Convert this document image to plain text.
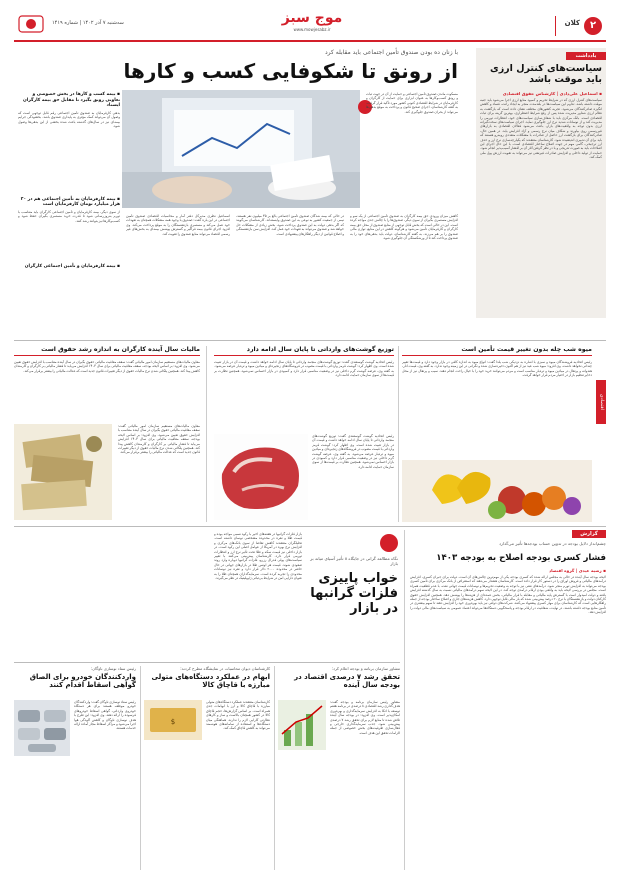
۲
کلان
موج سبز
www.mowjesabz.ir
سه‌شنبه ۷ آذر ۱۴۰۲ | شماره ۱۴۱۹
یادداشت
سیاست‌های کنترل ارزی باید موقت باشد
▪ اسماعیل علی‌دادی | کارشناس حقوق اقتصادی
سیاست‌های کنترل ارزی که در شرایط تحریم و کمبود منابع ارزی اجرا می‌شود باید جنبه موقت داشته باشد. تداوم این سیاست‌ها در بلندمدت منجر به ایجاد رانت، فساد و کاهش انگیزه صادرکنندگان می‌شود. تجربه کشورهای مختلف نشان داده است که بازگشت به نظام ارزی شناور مدیریت شده پس از رفع شرایط اضطراری، بهترین گزینه برای ثبات اقتصادی است. بانک مرکزی باید با شفاف‌سازی سیاست‌های خود، انتظارات تورمی را مدیریت کند و از نوسانات شدید نرخ ارز جلوگیری نماید. اجرای سیاست‌های سخت‌گیرانه ارزی بدون توجه به واقعیت‌های بازار، باعث می‌شود فعالان اقتصادی به بازارهای غیررسمی روی بیاورند و شکاف میان نرخ رسمی و آزاد افزایش یابد. در همین حال، صادرکنندگان برای بازگشت ارز حاصل از صادرات با مشکلات متعددی روبه‌رو هستند که باید برای آن تدبیری اندیشیده شود. کارشناسان معتقدند که یکپارچه‌سازی نرخ ارز و حذف ارز ترجیحی، گامی مهم در جهت اصلاح ساختار اقتصادی است. با این حال اجرای این اصلاحات باید به صورت تدریجی و با در نظر گرفتن آثار آن بر اقشار آسیب‌پذیر انجام شود. حمایت از تولید داخلی و افزایش صادرات غیرنفتی نیز می‌تواند به تقویت ارزش پول ملی کمک کند.
با زنان ده بودن صندوق تأمین اجتماعی باید مقابله کرد
از رونق تا شکوفایی کسب و کارها
مسکوت ماندن صندوق تأمین اجتماعی و حمایت از آن در جهت ثبات و رونق کسب‌وکارها به عنوان ابزاری برای حمایت از کارگران و کارفرمایان در شرایط اقتصادی کنونی کشور مورد تأکید قرار گرفت. به گفته کارشناسان، اجرای صحیح قانون و پرداخت به موقع بدهی‌ها می‌تواند از بحران صندوق جلوگیری کند.
کاهش میزان ورودی حق بیمه کارگران به صندوق تأمین اجتماعی از یک سو و افزایش مستمری بگیران از سوی دیگر، صندوق‌ها را با چالش جدی مواجه کرده است. این در حالی است که بخش قابل توجهی از منابع صندوق از محل حق بیمه کارگران و کارفرمایان تأمین می‌شود و هرگونه کاهش در این منابع، توازن مالی صندوق را بر هم می‌زند. به گفته کارشناسان، دولت باید بدهی‌های خود را به صندوق پرداخت کند تا از ورشکستگی آن جلوگیری شود.
در حالی که بیمه شدگان صندوق تأمین اجتماعی بالغ بر ۴۵ میلیون نفر هستند، نیمی از جمعیت کشور به نوعی به این صندوق وابسته‌اند. کارشناسان می‌گویند که اگر بدهی دولت به این صندوق پرداخت شود، بخش زیادی از مشکلات حل خواهد شد و صندوق می‌تواند به تعهدات خود عمل کند. افزایش سن بازنشستگی و اصلاح قوانین از دیگر راهکارهای پیشنهادی است.
اسماعیل نظری مدیرکل دفتر آمار و محاسبات اقتصادی صندوق تأمین اجتماعی در این باره گفت: صندوق با وجود همه مشکلات همچنان به تعهدات خود عمل می‌کند و مستمری بازنشستگان را به موقع پرداخت می‌کند. وی افزود اجرای قانون بیمه فراگیر و گسترش پوشش بیمه‌ای به بخش‌های غیر رسمی اقتصاد می‌تواند منابع صندوق را تقویت کند.
▪ بیمه کسب و کارها در بخش خصوصی و تعاونی رونق بگیرد تا مقابل حق بیمه کارگران ایستاد
بدهی کارفرمایان به صندوق تأمین اجتماعی رقم قابل توجهی است که وصول آن می‌تواند کمک مؤثری به پایداری صندوق باشد. بخشودگی جرایم بیمه‌ای نیز در سال‌های گذشته باعث شده بخشی از این بدهی‌ها وصول شود.
▪ بیمه کارفرمایان به تأمین اجتماعی هم در ۲۰ هزار میلیارد تومان کارفرمایان است
از سوی دیگر، بیمه کارفرمایان و تأمین اجتماعی کارگران باید متناسب با تورم به‌روزرسانی شود تا قدرت خرید مستمری بگیران حفظ شود و کسب‌وکارها نیز بتوانند رشد کنند.
▪ بیمه کارفرمایان و تأمین اجتماعی کارگران
میوه شب چله بدون تغییر قیمت تأمین است
رئیس اتحادیه فروشندگان میوه و سبزی با اشاره به نزدیکی شب یلدا گفت: انواع میوه به اندازه کافی در بازار وجود دارد و قیمت‌ها تغییر چندانی نخواهد داشت. وی افزود: میوه شب عید نیز از هم اکنون ذخیره‌سازی شده و نگرانی در این زمینه وجود ندارد. به گفته وی، قیمت انار، هندوانه و پرتقال در میادین میوه و تره‌بار مناسب است و مردم می‌توانند خرید خود را با خیال راحت انجام دهند. سیب و پرتقال نیز از محل ذخایر تنظیم بازار در اختیار مردم قرار خواهد گرفت.
اقتصادی
توزیع گوشت‌های وارداتی تا پایان سال ادامه دارد
رئیس اتحادیه گوشت گوسفندی گفت: توزیع گوشت‌های منجمد وارداتی تا پایان سال ادامه خواهد داشت و قیمت آن در بازار تثبیت شده است. وی اظهار کرد: گوشت قرمز وارداتی با قیمت مصوب در فروشگاه‌های زنجیره‌ای و میادین میوه و تره‌بار عرضه می‌شود. به گفته وی، عرضه گوشت گرم داخلی نیز در وضعیت مناسبی قرار دارد و کمبودی در بازار احساس نمی‌شود. همچنین نظارت بر قیمت‌ها از سوی سازمان حمایت ادامه دارد.
رئیس اتحادیه گوشت گوسفندی گفت: توزیع گوشت‌های منجمد وارداتی تا پایان سال ادامه خواهد داشت و قیمت آن در بازار تثبیت شده است. وی اظهار کرد: گوشت قرمز وارداتی با قیمت مصوب در فروشگاه‌های زنجیره‌ای و میادین میوه و تره‌بار عرضه می‌شود. به گفته وی، عرضه گوشت گرم داخلی نیز در وضعیت مناسبی قرار دارد و کمبودی در بازار احساس نمی‌شود. همچنین نظارت بر قیمت‌ها از سوی سازمان حمایت ادامه دارد.
مالیات سال آینده کارگران به اندازه رشد حقوق است
معاون مالیات‌های مستقیم سازمان امور مالیاتی گفت: سقف معافیت مالیاتی حقوق بگیران در سال آینده متناسب با افزایش حقوق تعیین می‌شود. وی افزود: بر اساس لایحه بودجه، سقف معافیت مالیاتی برای سال ۱۴۰۳ افزایش می‌یابد تا فشار مالیاتی بر کارگران و کارمندان کاهش پیدا کند. همچنین پلکانی شدن نرخ مالیات حقوق از دیگر تغییرات قانون جدید است که عدالت مالیاتی را بیشتر برقرار می‌کند.
معاون مالیات‌های مستقیم سازمان امور مالیاتی گفت: سقف معافیت مالیاتی حقوق بگیران در سال آینده متناسب با افزایش حقوق تعیین می‌شود. وی افزود: بر اساس لایحه بودجه، سقف معافیت مالیاتی برای سال ۱۴۰۳ افزایش می‌یابد تا فشار مالیاتی بر کارگران و کارمندان کاهش پیدا کند. همچنین پلکانی شدن نرخ مالیات حقوق از دیگر تغییرات قانون جدید است که عدالت مالیاتی را بیشتر برقرار می‌کند.
گزارش
چشم‌انداز دلایل بودجه در تدوین حساب بودجه‌ها تأثیر می‌گذارد
فشار کسری بودجه اصلاح به بودجه ۱۴۰۳
▪ رضیه عیدی | گروه اقتصاد
لایحه بودجه سال آینده در حالی به مجلس ارائه شده که کسری بودجه یکی از مهم‌ترین چالش‌های آن است. دولت برای جبران کسری، افزایش درآمدهای مالیاتی و فروش اوراق را در دستور کار قرار داده است. کارشناسان هشدار می‌دهند که استقراض از بانک مرکزی برای تأمین کسری بودجه می‌تواند به افزایش تورم منجر شود. درآمدهای نفتی نیز با توجه به وضعیت تحریم‌ها و نوسانات قیمت جهانی نفت، با عدم قطعیت همراه است. مجلس در بررسی لایحه باید به واقعی بودن ارقام درآمدی توجه کند. در این لایحه سهم درآمدهای مالیاتی نسبت به سال گذشته افزایش یافته و دولت امیدوار است با گسترش پایه مالیاتی و مقابله با فرار مالیاتی، بخش عمده‌ای از هزینه‌ها را پوشش دهد. همچنین افزایش حقوق کارکنان دولت و بازنشستگان با نرخ ۲۰ درصد پیش‌بینی شده که بار مالی قابل توجهی دارد. کاهش هزینه‌های جاری و اصلاح ساختار بودجه از جمله راهکارهایی است که کارشناسان برای مهار کسری پیشنهاد می‌کنند. شرکت‌های دولتی نیز باید بهره‌وری خود را افزایش دهند تا سهم بیشتری در تأمین منابع بودجه داشته باشند. در نهایت، شفافیت در ارقام بودجه و پاسخگویی دستگاه‌ها می‌تواند اعتماد عمومی به سیاست‌های مالی دولت را افزایش دهد.
نگاه مطالعه گرانی در جایگاه ۸ تأثیر آسیای میانه بر بازار
خواب پاییزی فلزات گرانبها در بازار
بازار فلزات گرانبها در هفته‌های اخیر با رکود نسبی مواجه بوده و قیمت طلا و نقره در محدوده مشخصی نوسان داشته است. تحلیلگران معتقدند کاهش تقاضا از سوی بانک‌های مرکزی و افزایش نرخ بهره در آمریکا از عوامل اصلی این رکود است. در بازار داخلی نیز قیمت سکه و طلا تحت تأثیر نرخ ارز و انتظارات تورمی قرار دارد. کارشناسان پیش‌بینی می‌کنند با تغییر سیاست‌های پولی فدرال رزرو، فلزات گرانبها دوباره وارد روند صعودی شوند. قیمت هر اونس طلا در بازارهای جهانی در حال حاضر در محدوده ۲۰۰۰ دلار قرار دارد و نقره نیز نوسانات محدودی را تجربه کرده است. سرمایه‌گذاران همچنان طلا را به عنوان دارایی امن در شرایط بی‌ثباتی ژئوپلیتیک در نظر می‌گیرند.
مشاور سازمان برنامه و بودجه اعلام کرد:
تحقق رشد ۷ درصدی اقتصاد در بودجه سال آینده
مشاور رئیس سازمان برنامه و بودجه گفت: هدف‌گذاری رشد اقتصادی ۸ درصدی در برنامه هفتم توسعه با اتکا به افزایش سرمایه‌گذاری و بهره‌وری امکان‌پذیر است. وی افزود: در بودجه سال آینده تلاش شده تا منابع لازم برای تحقق رشد ۷ درصدی پیش‌بینی شود. جذب سرمایه‌گذاری خارجی و فعال‌سازی ظرفیت‌های بخش خصوصی از جمله الزامات تحقق این هدف است.
کارشناسان دیوان محاسبات در نمایشگاه مطرح کردند:
ابهام در عملکرد دستگاه‌های متولی مبارزه با قاچاق کالا
$
کارشناسان معتقدند عملکرد دستگاه‌های متولی مبارزه با قاچاق کالا و ارز با ابهامات جدی همراه است. بر اساس گزارش‌ها، حجم قاچاق کالا در کشور همچنان بالاست و ساز و کارهای نظارتی کارایی لازم را ندارند. هماهنگی میان دستگاه‌ها و استفاده از سامانه‌های هوشمند می‌تواند به کاهش قاچاق کمک کند.
رئیس ستاد نوسازی ناوگان:
واردکنندگان خودرو برای الصاق گواهی اسقاط اقدام کنند
رئیس ستاد نوسازی ناوگان گفت: واردکنندگان خودرو موظف هستند برای هر دستگاه خودروی وارداتی، گواهی اسقاط خودروهای فرسوده را ارائه دهند. وی افزود: این طرح با هدف نوسازی ناوگان و کاهش آلودگی هوا اجرا می‌شود و مراکز اسقاط مجاز آماده ارائه خدمات هستند.
